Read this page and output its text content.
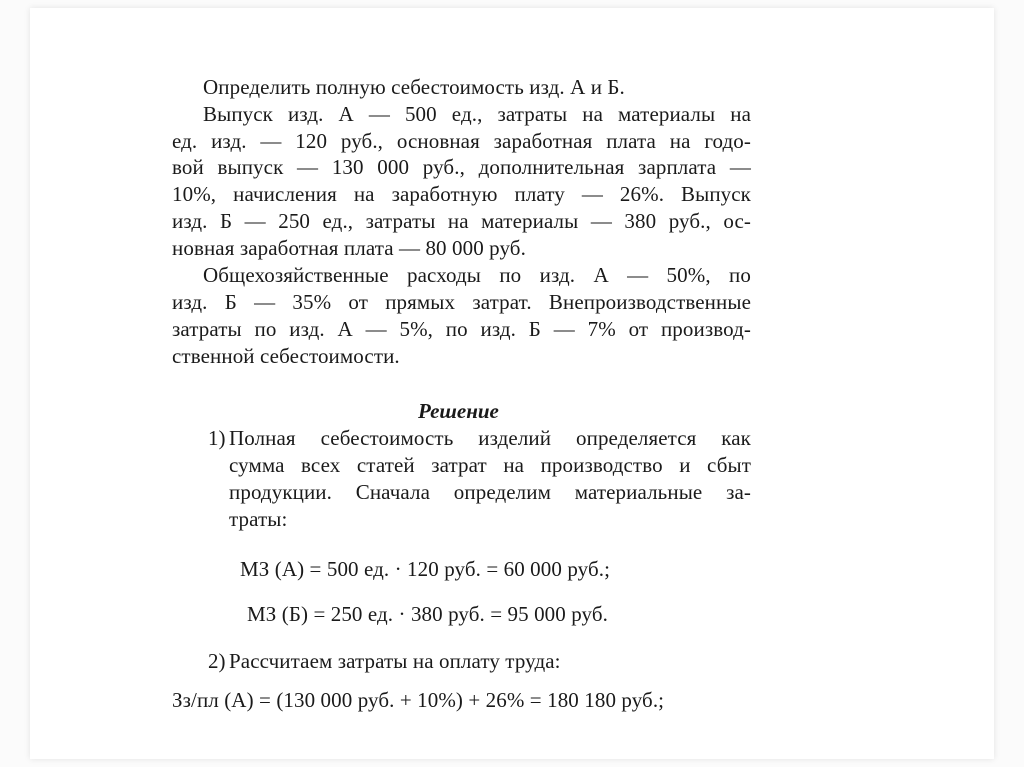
Определить полную себестоимость изд. А и Б.
Выпуск изд. А — 500 ед., затраты на материалы на
ед. изд. — 120 руб., основная заработная плата на годо-
вой выпуск — 130 000 руб., дополнительная зарплата —
10%, начисления на заработную плату — 26%. Выпуск
изд. Б — 250 ед., затраты на материалы — 380 руб., ос-
новная заработная плата — 80 000 руб.
Общехозяйственные расходы по изд. А — 50%, по
изд. Б — 35% от прямых затрат. Внепроизводственные
затраты по изд. А — 5%, по изд. Б — 7% от производ-
ственной себестоимости.
Решение
1) Полная себестоимость изделий определяется как
сумма всех статей затрат на производство и сбыт
продукции. Сначала определим материальные за-
траты:
МЗ (А) = 500 ед. · 120 руб. = 60 000 руб.;
МЗ (Б) = 250 ед. · 380 руб. = 95 000 руб.
2) Рассчитаем затраты на оплату труда:
Зз/пл (А) = (130 000 руб. + 10%) + 26% = 180 180 руб.;
